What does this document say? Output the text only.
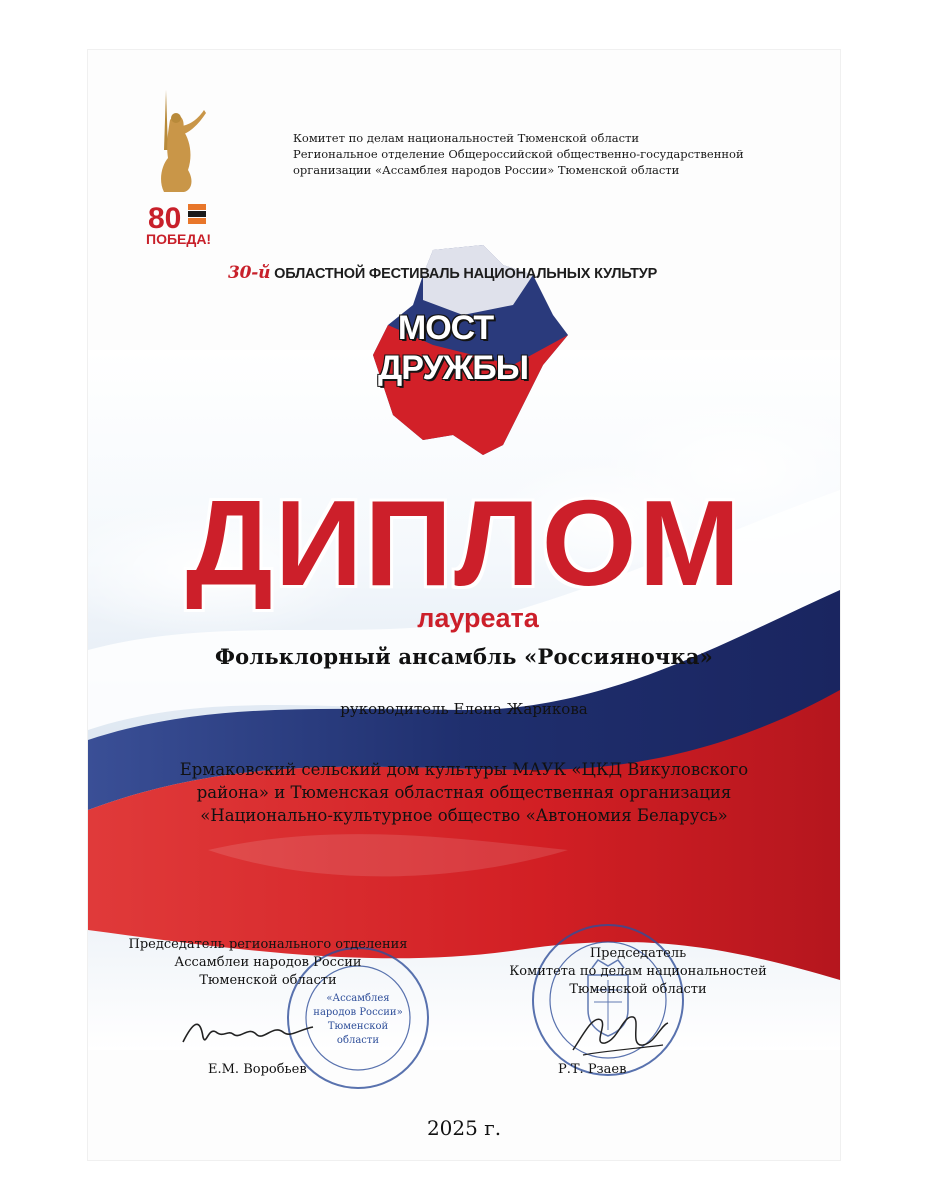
80
ПОБЕДА!
Комитет по делам национальностей Тюменской области
Региональное отделение Общероссийской общественно-государственной
организации «Ассамблея народов России» Тюменской области
30-й ОБЛАСТНОЙ ФЕСТИВАЛЬ НАЦИОНАЛЬНЫХ КУЛЬТУР
МОСТ
ДРУЖБЫ
ДИПЛОМ
лауреата
Фольклорный ансамбль «Россияночка»
руководитель Елена Жарикова
Ермаковский сельский дом культуры МАУК «ЦКД Викуловского
района» и Тюменская областная общественная организация
«Национально-культурное общество «Автономия Беларусь»
«Ассамблея
народов России»
Тюменской
области
Председатель регионального отделения
Ассамблеи народов России
Тюменской области
Председатель
Комитета по делам национальностей
Тюменской области
Е.М. Воробьев	Р.Т. Рзаев
2025 г.
